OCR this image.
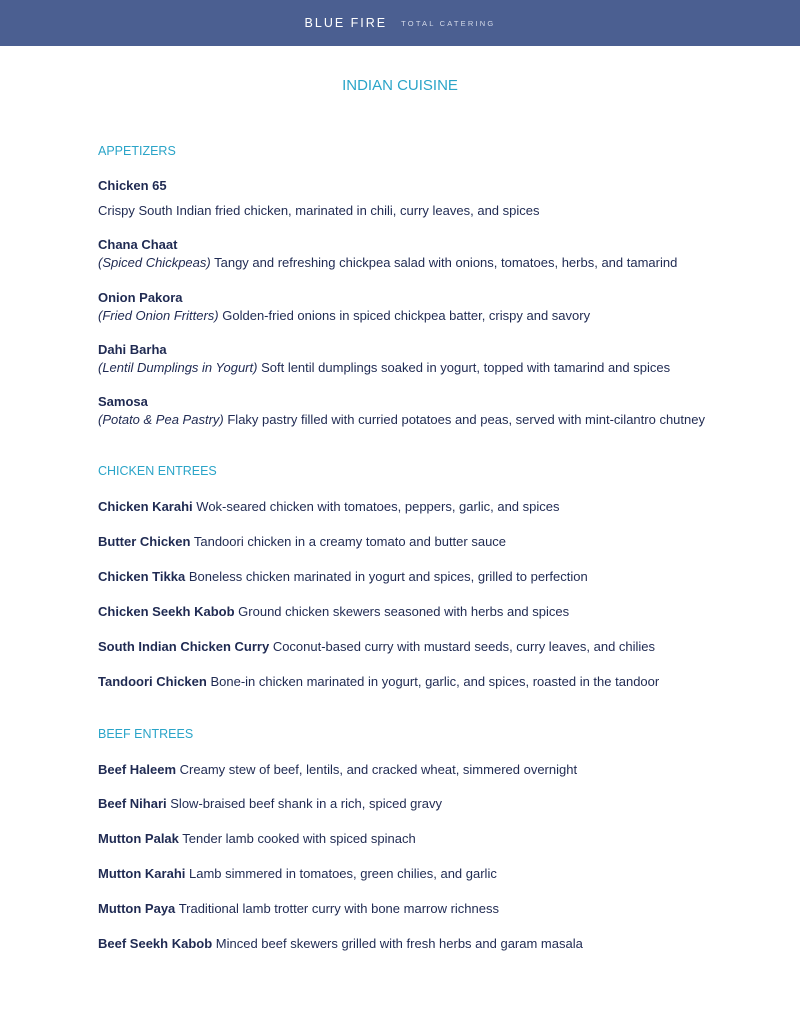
BLUE FIRE TOTAL CATERING
INDIAN CUISINE
APPETIZERS
Chicken 65
Crispy South Indian fried chicken, marinated in chili, curry leaves, and spices
Chana Chaat
(Spiced Chickpeas) Tangy and refreshing chickpea salad with onions, tomatoes, herbs, and tamarind
Onion Pakora
(Fried Onion Fritters) Golden-fried onions in spiced chickpea batter, crispy and savory
Dahi Barha
(Lentil Dumplings in Yogurt) Soft lentil dumplings soaked in yogurt, topped with tamarind and spices
Samosa
(Potato & Pea Pastry) Flaky pastry filled with curried potatoes and peas, served with mint-cilantro chutney
CHICKEN ENTREES
Chicken Karahi Wok-seared chicken with tomatoes, peppers, garlic, and spices
Butter Chicken Tandoori chicken in a creamy tomato and butter sauce
Chicken Tikka Boneless chicken marinated in yogurt and spices, grilled to perfection
Chicken Seekh Kabob Ground chicken skewers seasoned with herbs and spices
South Indian Chicken Curry Coconut-based curry with mustard seeds, curry leaves, and chilies
Tandoori Chicken Bone-in chicken marinated in yogurt, garlic, and spices, roasted in the tandoor
BEEF ENTREES
Beef Haleem Creamy stew of beef, lentils, and cracked wheat, simmered overnight
Beef Nihari Slow-braised beef shank in a rich, spiced gravy
Mutton Palak Tender lamb cooked with spiced spinach
Mutton Karahi Lamb simmered in tomatoes, green chilies, and garlic
Mutton Paya Traditional lamb trotter curry with bone marrow richness
Beef Seekh Kabob Minced beef skewers grilled with fresh herbs and garam masala
